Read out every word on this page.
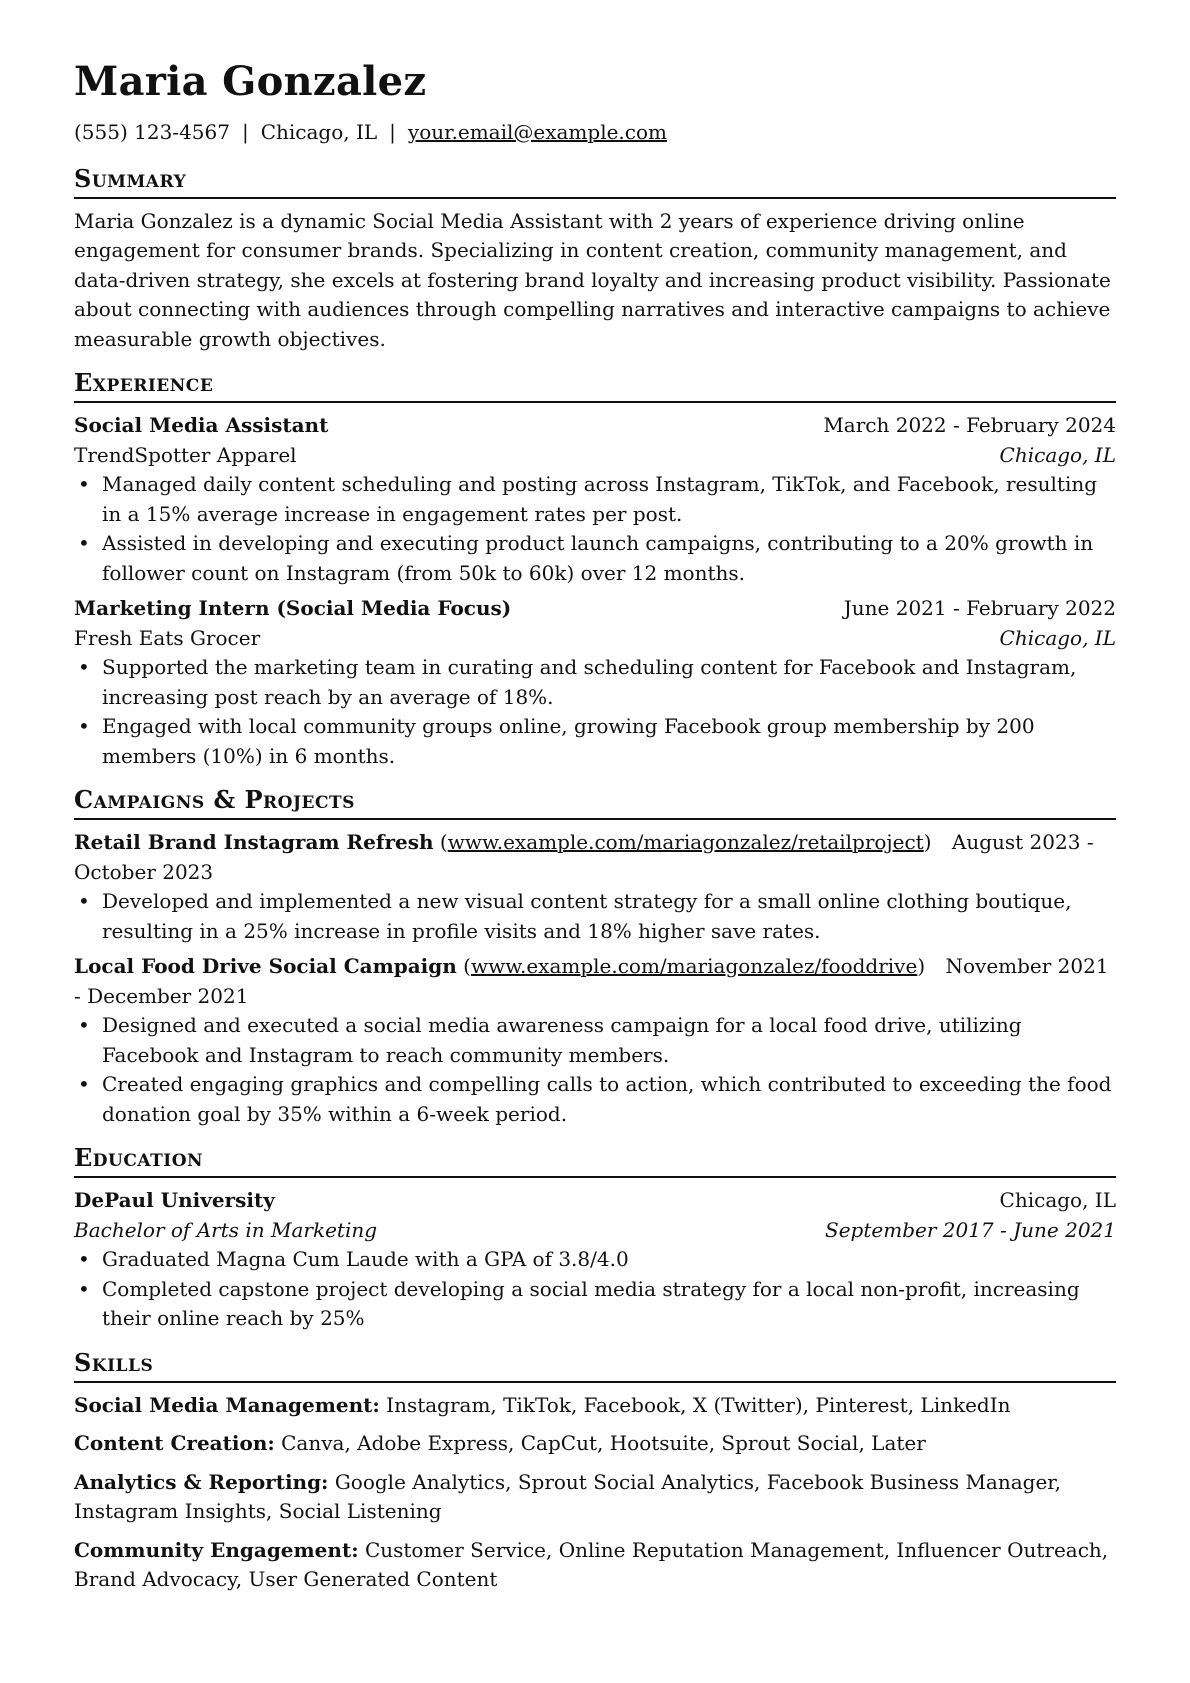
Maria Gonzalez
(555) 123-4567 | Chicago, IL | your.email@example.com
Summary

Maria Gonzalez is a dynamic Social Media Assistant with 2 years of experience driving online engagement for consumer brands. Specializing in content creation, community management, and data-driven strategy, she excels at fostering brand loyalty and increasing product visibility. Passionate about connecting with audiences through compelling narratives and interactive campaigns to achieve measurable growth objectives.

Experience
Social Media Assistant	March 2022 - February 2024
TrendSpotter Apparel	Chicago, IL
• Managed daily content scheduling and posting across Instagram, TikTok, and Facebook, resulting in a 15% average increase in engagement rates per post.
• Assisted in developing and executing product launch campaigns, contributing to a 20% growth in follower count on Instagram (from 50k to 60k) over 12 months.
Marketing Intern (Social Media Focus)	June 2021 - February 2022
Fresh Eats Grocer	Chicago, IL
• Supported the marketing team in curating and scheduling content for Facebook and Instagram, increasing post reach by an average of 18%.
• Engaged with local community groups online, growing Facebook group membership by 200 members (10%) in 6 months.
Campaigns & Projects
Retail Brand Instagram Refresh (www.example.com/mariagonzalez/retailproject) August 2023 - October 2023
• Developed and implemented a new visual content strategy for a small online clothing boutique, resulting in a 25% increase in profile visits and 18% higher save rates.
Local Food Drive Social Campaign (www.example.com/mariagonzalez/fooddrive) November 2021 - December 2021
• Designed and executed a social media awareness campaign for a local food drive, utilizing Facebook and Instagram to reach community members.
• Created engaging graphics and compelling calls to action, which contributed to exceeding the food donation goal by 35% within a 6-week period.
Education
DePaul University	Chicago, IL
Bachelor of Arts in Marketing	September 2017 - June 2021
• Graduated Magna Cum Laude with a GPA of 3.8/4.0
• Completed capstone project developing a social media strategy for a local non-profit, increasing their online reach by 25%
Skills

Social Media Management: Instagram, TikTok, Facebook, X (Twitter), Pinterest, LinkedIn

Content Creation: Canva, Adobe Express, CapCut, Hootsuite, Sprout Social, Later

Analytics & Reporting: Google Analytics, Sprout Social Analytics, Facebook Business Manager, Instagram Insights, Social Listening

Community Engagement: Customer Service, Online Reputation Management, Influencer Outreach, Brand Advocacy, User Generated Content
